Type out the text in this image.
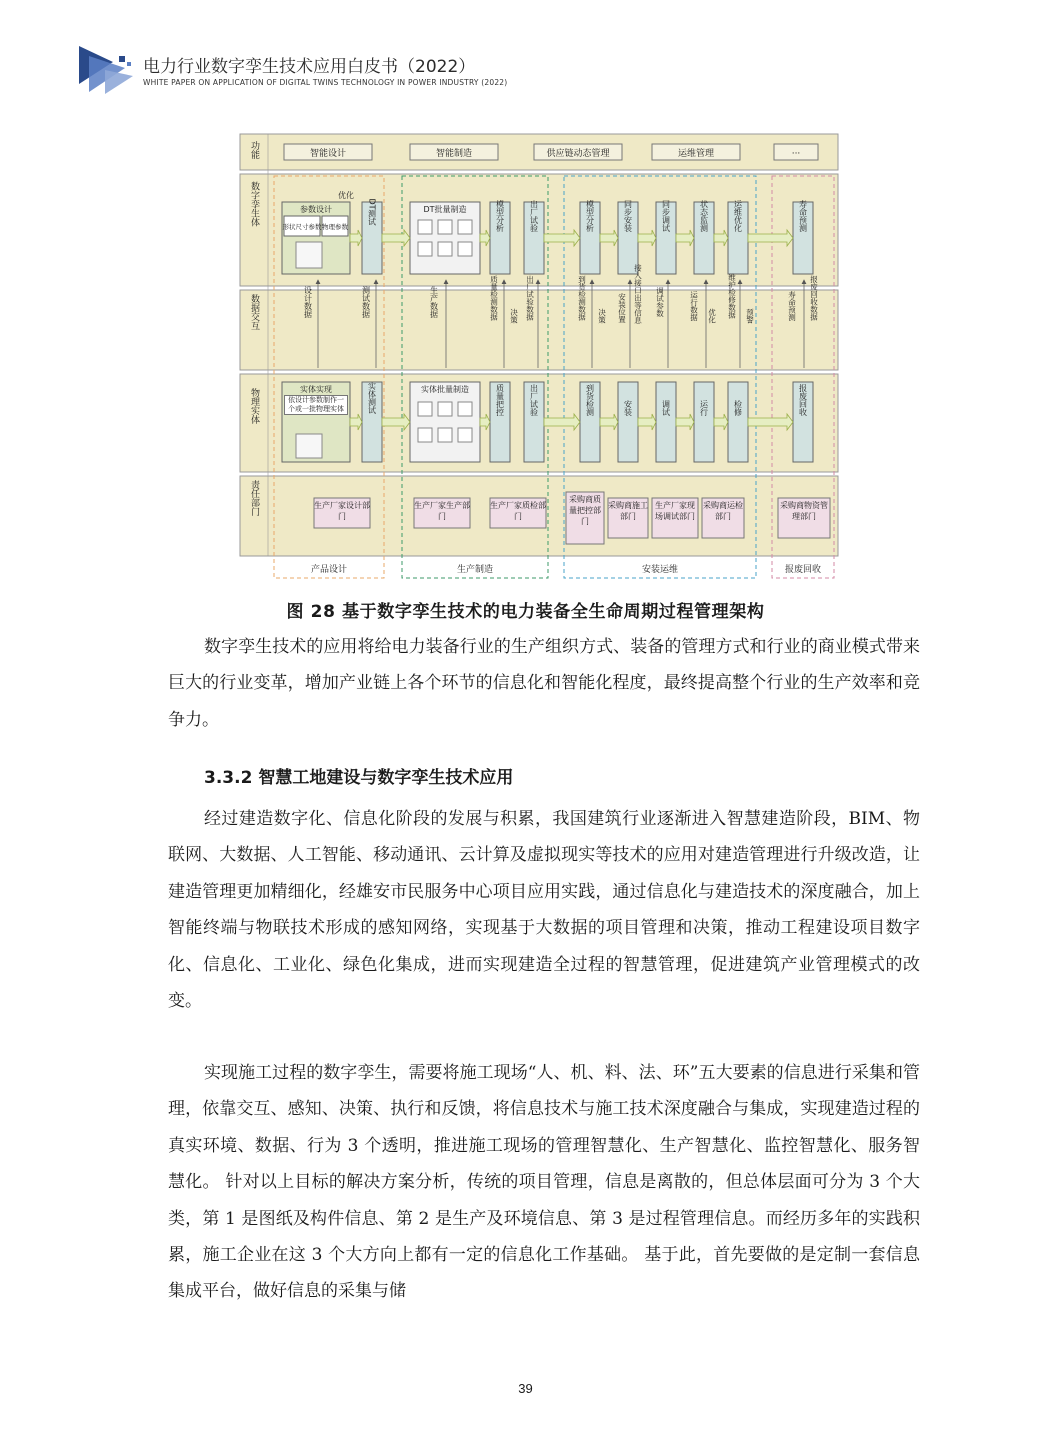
电力行业数字孪生技术应用白皮书（2022）
WHITE PAPER ON APPLICATION OF DIGITAL TWINS TECHNOLOGY IN POWER INDUSTRY (2022)
功能
数字孪生体
数据交互
物理实体
责任部门
智能设计	智能制造	供应链动态管理	运维管理	···
优化
参数设计
形状尺寸参数 物理参数
DT测试	DT批量制造	模型分析	出厂试验	模型分析	同步安装	同步调试	状态监测	运维优化	寿命预测
设计数据	测试数据	生产数据	质量检测数据 决策 出厂试验数据	到货检测数据 决策 安装位置 接入接口出等信息 调试参数	运行数据 优化 维护检修数据 预警	寿命预测 报废回收数据
实体实现
依设计参数制作一个或一批物理实体	实体测试	实体批量制造	质量把控	出厂试验	到货检测	安装	调试	运行	检修	报废回收
生产厂家设计部门
生产厂家生产部门
生产厂家质检部门
采购商质量把控部门
采购商施工部门
生产厂家现场调试部门
采购商运检部门
采购商物资管理部门
产品设计	生产制造	安装运维	报废回收
图 28 基于数字孪生技术的电力装备全生命周期过程管理架构

数字孪生技术的应用将给电力装备行业的生产组织方式、装备的管理方式和行业的商业模式带来巨大的行业变革，增加产业链上各个环节的信息化和智能化程度，最终提高整个行业的生产效率和竞争力。

3.3.2 智慧工地建设与数字孪生技术应用

经过建造数字化、信息化阶段的发展与积累，我国建筑行业逐渐进入智慧建造阶段，BIM、物联网、大数据、人工智能、移动通讯、云计算及虚拟现实等技术的应用对建造管理进行升级改造，让建造管理更加精细化，经雄安市民服务中心项目应用实践，通过信息化与建造技术的深度融合，加上智能终端与物联技术形成的感知网络，实现基于大数据的项目管理和决策，推动工程建设项目数字化、信息化、工业化、绿色化集成，进而实现建造全过程的智慧管理，促进建筑产业管理模式的改变。

实现施工过程的数字孪生，需要将施工现场“人、机、料、法、环”五大要素的信息进行采集和管理，依靠交互、感知、决策、执行和反馈，将信息技术与施工技术深度融合与集成，实现建造过程的真实环境、数据、行为 3 个透明，推进施工现场的管理智慧化、生产智慧化、监控智慧化、服务智慧化。 针对以上目标的解决方案分析，传统的项目管理，信息是离散的，但总体层面可分为 3 个大类，第 1 是图纸及构件信息、第 2 是生产及环境信息、第 3 是过程管理信息。而经历多年的实践积累，施工企业在这 3 个大方向上都有一定的信息化工作基础。 基于此，首先要做的是定制一套信息集成平台，做好信息的采集与储

39
